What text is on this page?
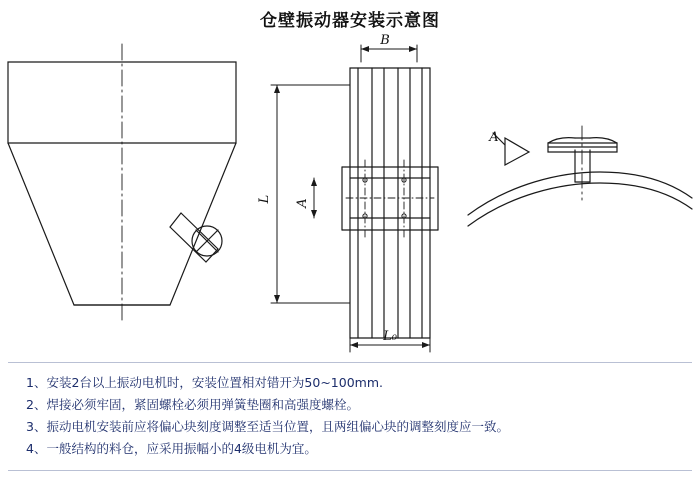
仓壁振动器安装示意图
B
L A
L₀
A
1、安装2台以上振动电机时，安装位置相对错开为50~100mm.
2、焊接必须牢固，紧固螺栓必须用弹簧垫圈和高强度螺栓。
3、振动电机安装前应将偏心块刻度调整至适当位置，且两组偏心块的调整刻度应一致。
4、一般结构的料仓，应采用振幅小的4级电机为宜。
